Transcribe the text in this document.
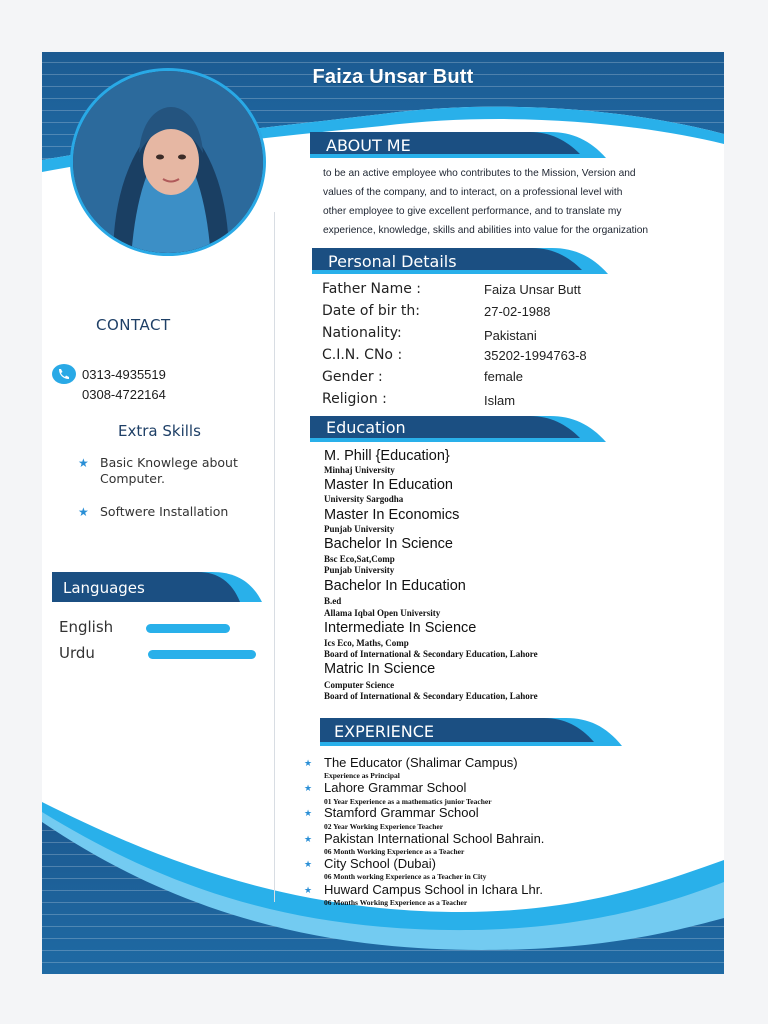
Faiza Unsar Butt
ABOUT ME
to be an active employee who contributes to the Mission, Version and
values of the company, and to interact, on a professional level with
other employee to give excellent performance, and to translate my
experience, knowledge, skills and abilities into value for the organization
Personal Details
Father Name :	Faiza Unsar Butt
Date of bir th:	27-02-1988
Nationality:	Pakistani
C.I.N. CNo :	35202-1994763-8
Gender :	female
Religion :	Islam
Education
M. Phill {Education}
Minhaj University
Master In Education
University Sargodha
Master In Economics
Punjab University
Bachelor In Science
Bsc Eco,Sat,Comp
Punjab University
Bachelor In Education
B.ed
Allama Iqbal Open University
Intermediate In Science
Ics Eco, Maths, Comp
Board of International & Secondary Education, Lahore
Matric In Science
Computer Science
Board of International & Secondary Education, Lahore
EXPERIENCE
★ The Educator (Shalimar Campus)
Experience as Principal
★ Lahore Grammar School
01 Year Experience as a mathematics junior Teacher
★ Stamford Grammar School
02 Year Working Experience Teacher
★ Pakistan International School Bahrain.
06 Month Working Experience as a Teacher
★ City School (Dubai)
06 Month working Experience as a Teacher in City
★ Huward Campus School in Ichara Lhr.
06 Months Working Experience as a Teacher
CONTACT
0313-4935519
0308-4722164
Extra Skills
★ Basic Knowlege about
Computer.
★ Softwere Installation
Languages
English
Urdu
